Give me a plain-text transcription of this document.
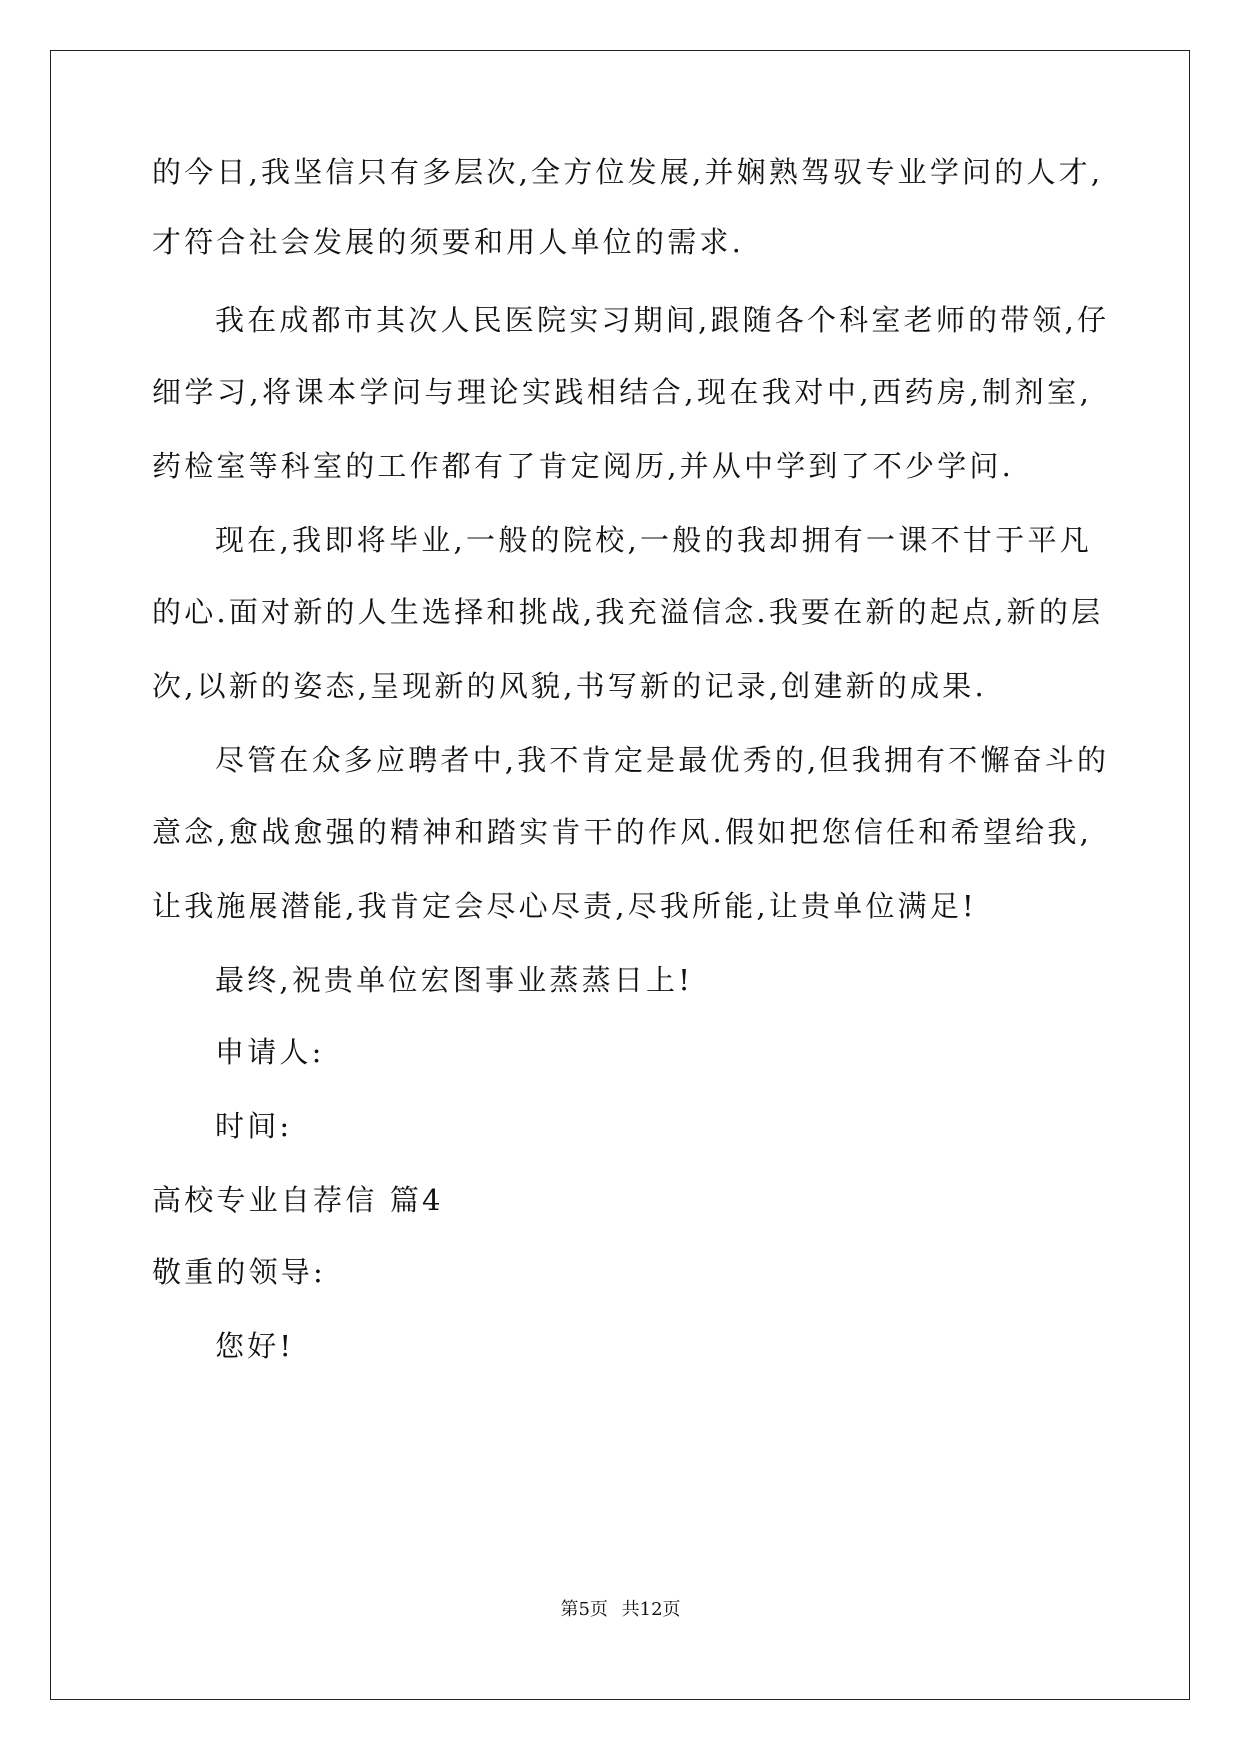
的今日,我坚信只有多层次,全方位发展,并娴熟驾驭专业学问的人才,
才符合社会发展的须要和用人单位的需求.
我在成都市其次人民医院实习期间,跟随各个科室老师的带领,仔
细学习,将课本学问与理论实践相结合,现在我对中,西药房,制剂室,
药检室等科室的工作都有了肯定阅历,并从中学到了不少学问.
现在,我即将毕业,一般的院校,一般的我却拥有一课不甘于平凡
的心.面对新的人生选择和挑战,我充溢信念.我要在新的起点,新的层
次,以新的姿态,呈现新的风貌,书写新的记录,创建新的成果.
尽管在众多应聘者中,我不肯定是最优秀的,但我拥有不懈奋斗的
意念,愈战愈强的精神和踏实肯干的作风.假如把您信任和希望给我,
让我施展潜能,我肯定会尽心尽责,尽我所能,让贵单位满足!
最终,祝贵单位宏图事业蒸蒸日上!
申请人:
时间:
高校专业自荐信 篇4
敬重的领导:
您好!
第5页 共12页
